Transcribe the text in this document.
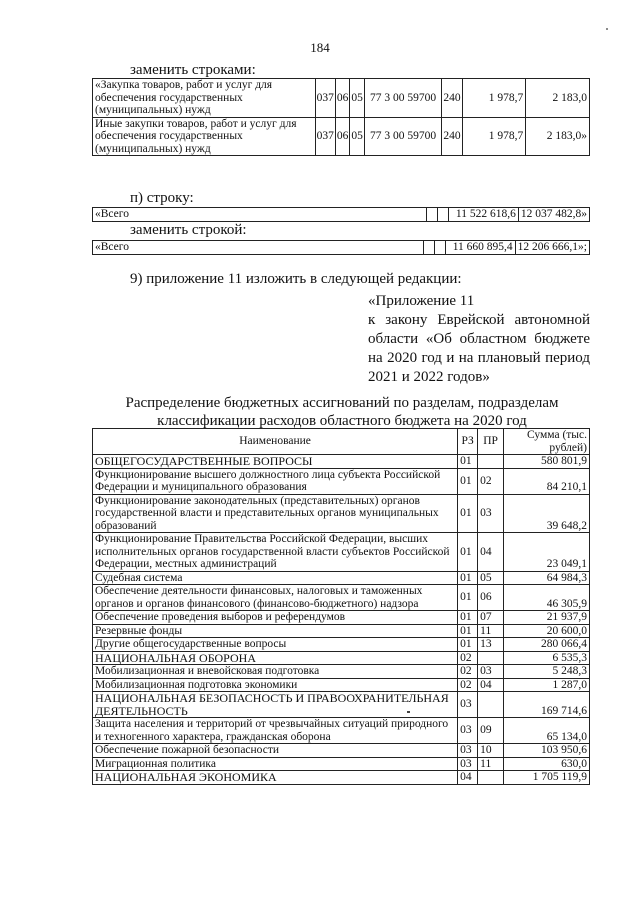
184
заменить строками:
«Закупка товаров, работ и услуг для обеспечения государственных (муниципальных) нужд	037	06	05	77 3 00 59700	240	1 978,7	2 183,0
Иные закупки товаров, работ и услуг для обеспечения государственных (муниципальных) нужд	037	06	05	77 3 00 59700	240	1 978,7	2 183,0»
п) строку:
«Всего			11 522 618,6	12 037 482,8»
заменить строкой:
«Всего			11 660 895,4	12 206 666,1»;
9) приложение 11 изложить в следующей редакции:
«Приложение 11
к закону Еврейской автономной области «Об областном бюджете на 2020 год и на плановый период 2021 и 2022 годов»
Распределение бюджетных ассигнований по разделам, подразделам классификации расходов областного бюджета на 2020 год
Наименование	РЗ	ПР	Сумма (тыс. рублей)
ОБЩЕГОСУДАРСТВЕННЫЕ ВОПРОСЫ	01		580 801,9
Функционирование высшего должностного лица субъекта Российской Федерации и муниципального образования	01	02	84 210,1
Функционирование законодательных (представительных) органов государственной власти и представительных органов муниципальных образований	01	03	39 648,2
Функционирование Правительства Российской Федерации, высших исполнительных органов государственной власти субъектов Российской Федерации, местных администраций	01	04	23 049,1
Судебная система	01	05	64 984,3
Обеспечение деятельности финансовых, налоговых и таможенных органов и органов финансового (финансово-бюджетного) надзора	01	06	46 305,9
Обеспечение проведения выборов и референдумов	01	07	21 937,9
Резервные фонды	01	11	20 600,0
Другие общегосударственные вопросы	01	13	280 066,4
НАЦИОНАЛЬНАЯ ОБОРОНА	02		6 535,3
Мобилизационная и вневойсковая подготовка	02	03	5 248,3
Мобилизационная подготовка экономики	02	04	1 287,0
НАЦИОНАЛЬНАЯ БЕЗОПАСНОСТЬ И ПРАВООХРАНИТЕЛЬНАЯ ДЕЯТЕЛЬНОСТЬ	03		169 714,6
Защита населения и территорий от чрезвычайных ситуаций природного и техногенного характера, гражданская оборона	03	09	65 134,0
Обеспечение пожарной безопасности	03	10	103 950,6
Миграционная политика	03	11	630,0
НАЦИОНАЛЬНАЯ ЭКОНОМИКА	04		1 705 119,9
